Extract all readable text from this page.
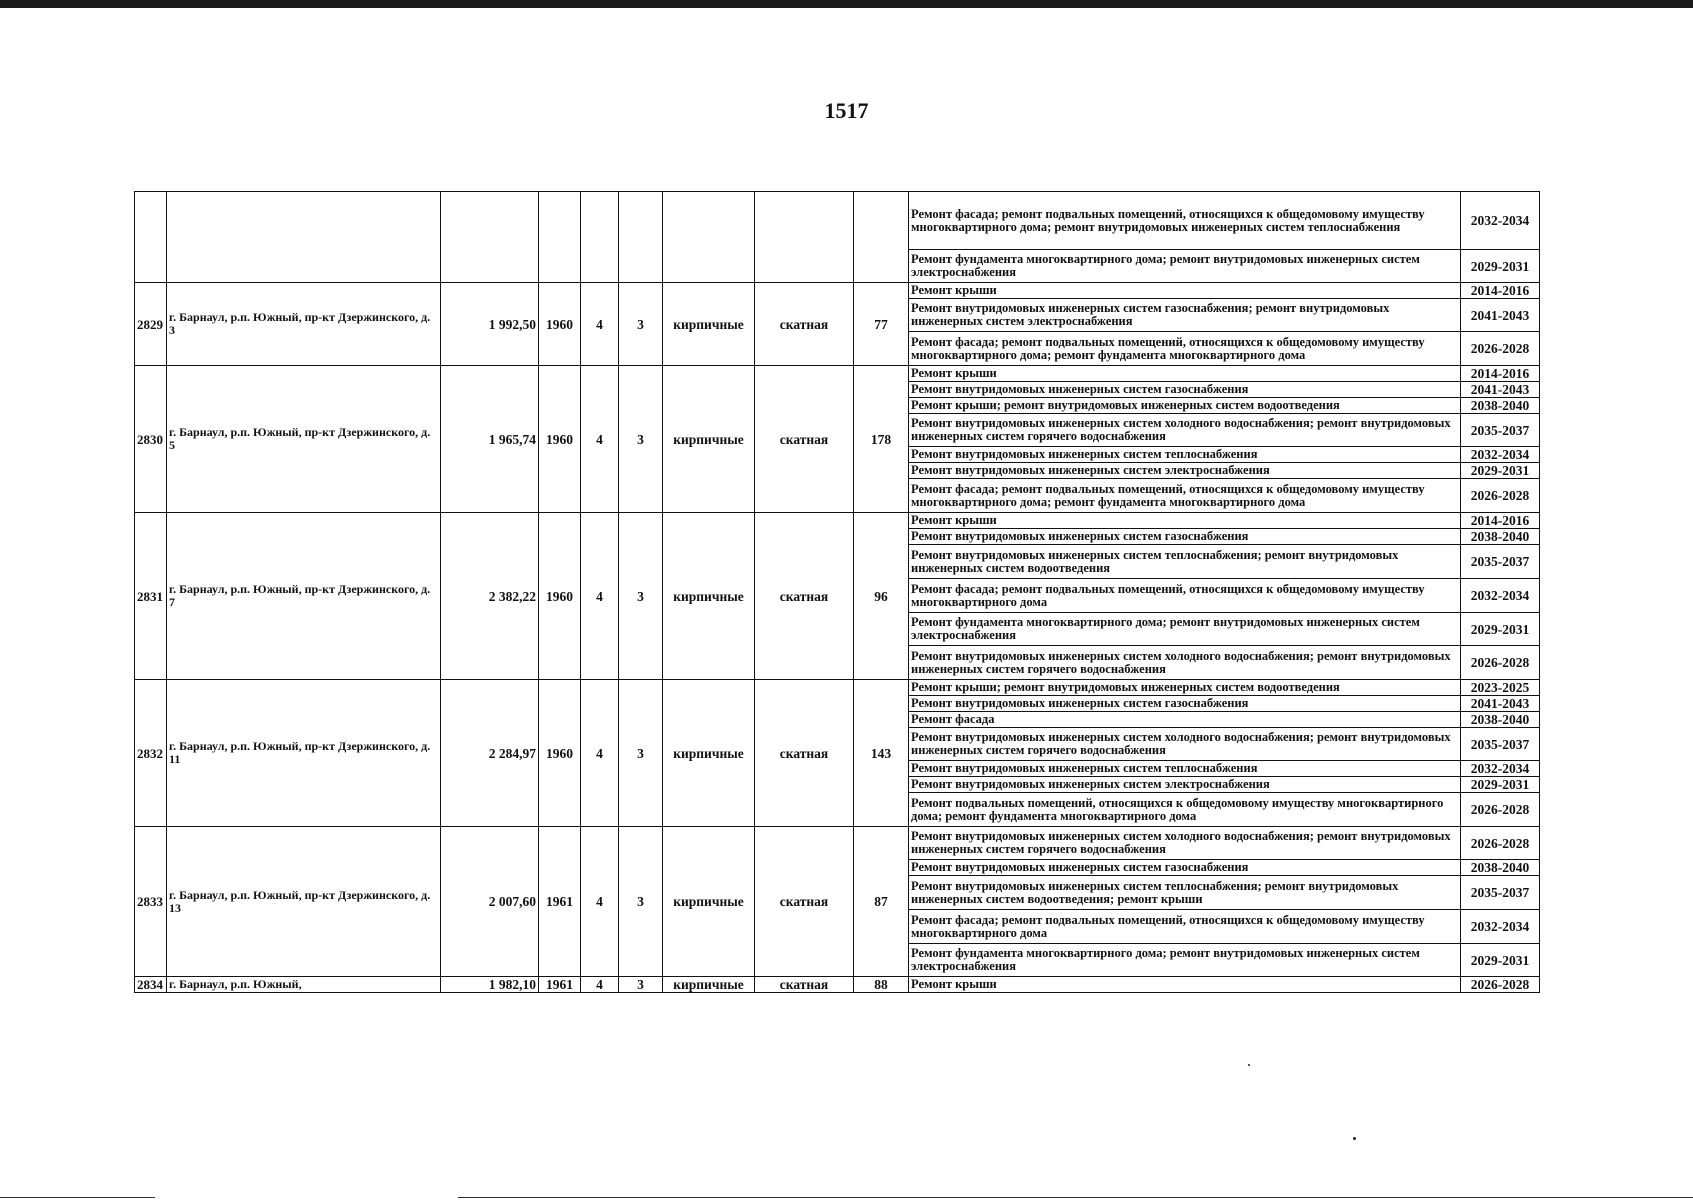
1517
									Ремонт фасада; ремонт подвальных помещений, относящихся к общедомовому имуществу многоквартирного дома; ремонт внутридомовых инженерных систем теплоснабжения	2032-2034
									Ремонт фундамента многоквартирного дома; ремонт внутридомовых инженерных систем электроснабжения	2029-2031
2829	г. Барнаул, р.п. Южный, пр-кт Дзержинского, д. 3	1 992,50	1960	4	3	кирпичные	скатная	77	Ремонт крыши	2014-2016
									Ремонт внутридомовых инженерных систем газоснабжения; ремонт внутридомовых инженерных систем электроснабжения	2041-2043
									Ремонт фасада; ремонт подвальных помещений, относящихся к общедомовому имуществу многоквартирного дома; ремонт фундамента многоквартирного дома	2026-2028
2830	г. Барнаул, р.п. Южный, пр-кт Дзержинского, д. 5	1 965,74	1960	4	3	кирпичные	скатная	178	Ремонт крыши	2014-2016
									Ремонт внутридомовых инженерных систем газоснабжения	2041-2043
									Ремонт крыши; ремонт внутридомовых инженерных систем водоотведения	2038-2040
									Ремонт внутридомовых инженерных систем холодного водоснабжения; ремонт внутридомовых инженерных систем горячего водоснабжения	2035-2037
									Ремонт внутридомовых инженерных систем теплоснабжения	2032-2034
									Ремонт внутридомовых инженерных систем электроснабжения	2029-2031
									Ремонт фасада; ремонт подвальных помещений, относящихся к общедомовому имуществу многоквартирного дома; ремонт фундамента многоквартирного дома	2026-2028
2831	г. Барнаул, р.п. Южный, пр-кт Дзержинского, д. 7	2 382,22	1960	4	3	кирпичные	скатная	96	Ремонт крыши	2014-2016
									Ремонт внутридомовых инженерных систем газоснабжения	2038-2040
									Ремонт внутридомовых инженерных систем теплоснабжения; ремонт внутридомовых инженерных систем водоотведения	2035-2037
									Ремонт фасада; ремонт подвальных помещений, относящихся к общедомовому имуществу многоквартирного дома	2032-2034
									Ремонт фундамента многоквартирного дома; ремонт внутридомовых инженерных систем электроснабжения	2029-2031
									Ремонт внутридомовых инженерных систем холодного водоснабжения; ремонт внутридомовых инженерных систем горячего водоснабжения	2026-2028
2832	г. Барнаул, р.п. Южный, пр-кт Дзержинского, д. 11	2 284,97	1960	4	3	кирпичные	скатная	143	Ремонт крыши; ремонт внутридомовых инженерных систем водоотведения	2023-2025
									Ремонт внутридомовых инженерных систем газоснабжения	2041-2043
									Ремонт фасада	2038-2040
									Ремонт внутридомовых инженерных систем холодного водоснабжения; ремонт внутридомовых инженерных систем горячего водоснабжения	2035-2037
									Ремонт внутридомовых инженерных систем теплоснабжения	2032-2034
									Ремонт внутридомовых инженерных систем электроснабжения	2029-2031
									Ремонт подвальных помещений, относящихся к общедомовому имуществу многоквартирного дома; ремонт фундамента многоквартирного дома	2026-2028
2833	г. Барнаул, р.п. Южный, пр-кт Дзержинского, д. 13	2 007,60	1961	4	3	кирпичные	скатная	87	Ремонт внутридомовых инженерных систем холодного водоснабжения; ремонт внутридомовых инженерных систем горячего водоснабжения	2026-2028
									Ремонт внутридомовых инженерных систем газоснабжения	2038-2040
									Ремонт внутридомовых инженерных систем теплоснабжения; ремонт внутридомовых инженерных систем водоотведения; ремонт крыши	2035-2037
									Ремонт фасада; ремонт подвальных помещений, относящихся к общедомовому имуществу многоквартирного дома	2032-2034
									Ремонт фундамента многоквартирного дома; ремонт внутридомовых инженерных систем электроснабжения	2029-2031
2834	г. Барнаул, р.п. Южный,	1 982,10	1961	4	3	кирпичные	скатная	88	Ремонт крыши	2026-2028
